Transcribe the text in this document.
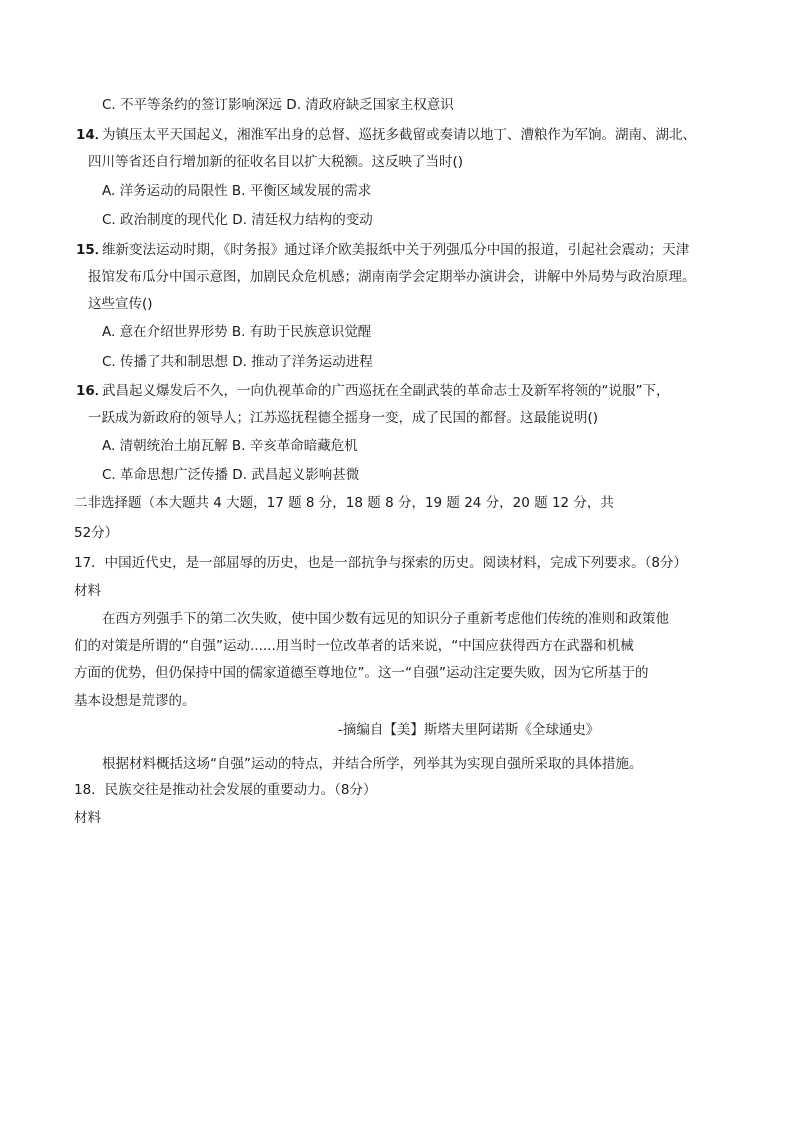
C. 不平等条约的签订影响深远 D. 清政府缺乏国家主权意识
14．
为镇压太平天国起义，湘淮军出身的总督、巡抚多截留或奏请以地丁、漕粮作为军饷。湖南、湖北、
四川等省还自行增加新的征收名目以扩大税额。这反映了当时()
A. 洋务运动的局限性 B. 平衡区域发展的需求
C. 政治制度的现代化 D. 清廷权力结构的变动
15．
维新变法运动时期，《时务报》通过译介欧美报纸中关于列强瓜分中国的报道，引起社会震动；天津
报馆发布瓜分中国示意图，加剧民众危机感；湖南南学会定期举办演讲会，讲解中外局势与政治原理。
这些宣传()
A. 意在介绍世界形势 B. 有助于民族意识觉醒
C. 传播了共和制思想 D. 推动了洋务运动进程
16．
武昌起义爆发后不久，一向仇视革命的广西巡抚在全副武装的革命志士及新军将领的“说服”下，
一跃成为新政府的领导人；江苏巡抚程德全摇身一变，成了民国的都督。这最能说明()
A. 清朝统治土崩瓦解 B. 辛亥革命暗藏危机
C. 革命思想广泛传播 D. 武昌起义影响甚微
二非选择题（本大题共 4 大题，17 题 8 分，18 题 8 分，19 题 24 分，20 题 12 分，共
52分）
17．中国近代史，是一部屈辱的历史，也是一部抗争与探索的历史。阅读材料，完成下列要求。（8分）
材料
在西方列强手下的第二次失败，使中国少数有远见的知识分子重新考虑他们传统的准则和政策他
们的对策是所谓的“自强”运动......用当时一位改革者的话来说，“中国应获得西方在武器和机械
方面的优势，但仍保持中国的儒家道德至尊地位”。这一“自强”运动注定要失败，因为它所基于的
基本设想是荒谬的。
-摘编自【美】斯塔夫里阿诺斯《全球通史》
根据材料概括这场“自强”运动的特点，并结合所学，列举其为实现自强所采取的具体措施。
18．民族交往是推动社会发展的重要动力。（8分）
材料
